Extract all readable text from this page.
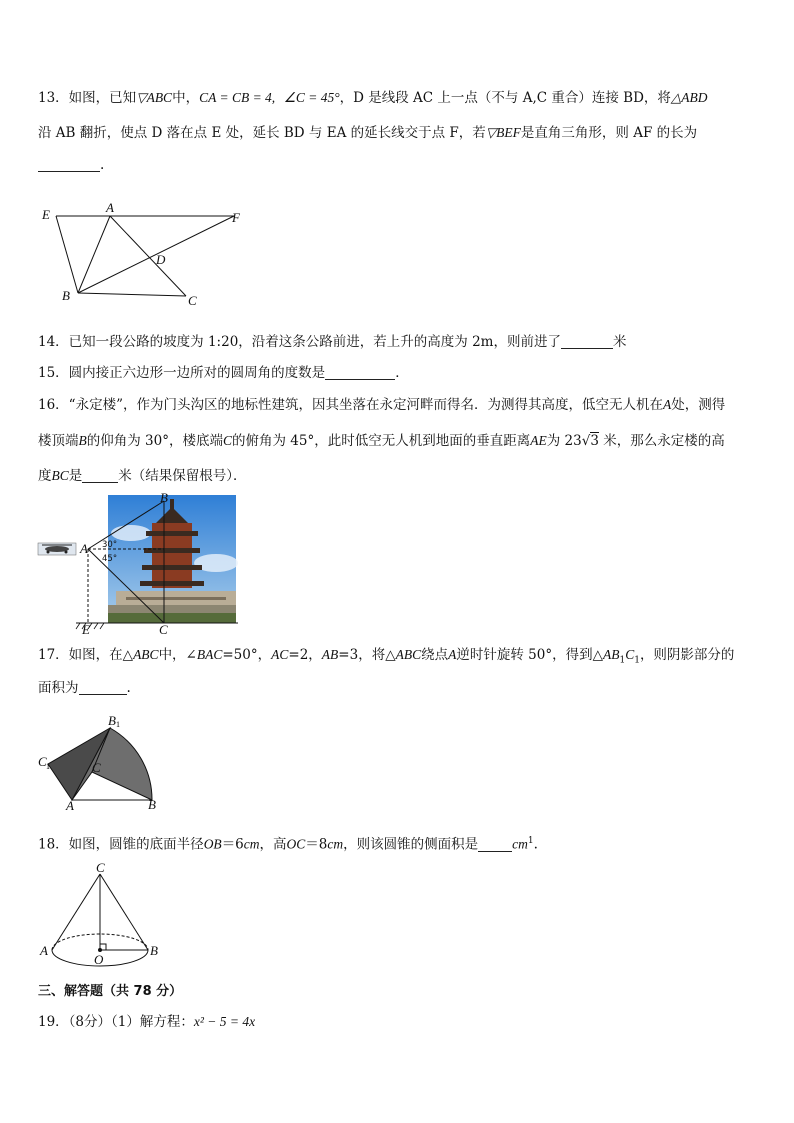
13．如图，已知▽ABC中，CA = CB = 4, ∠C = 45°，D 是线段 AC 上一点（不与 A,C 重合）连接 BD，将△ABD
沿 AB 翻折，使点 D 落在点 E 处，延长 BD 与 EA 的延长线交于点 F，若▽BEF是直角三角形，则 AF 的长为
.
E	A
F
D
B	C
14．已知一段公路的坡度为 1:20，沿着这条公路前进，若上升的高度为 2m，则前进了	米
15．圆内接正六边形一边所对的圆周角的度数是	．
16．“永定楼”，作为门头沟区的地标性建筑，因其坐落在永定河畔而得名．为测得其高度，低空无人机在A处，测得
楼顶端B的仰角为 30°，楼底端C的俯角为 45°，此时低空无人机到地面的垂直距离AE为 23√3 米，那么永定楼的高
度BC是	米（结果保留根号）．
A
B
C
E
30°
45°
17．如图，在△ABC中，∠BAC=50°，AC=2，AB=3，将△ABC绕点A逆时针旋转 50°，得到$\triangle AB_1C_1$，则阴影部分的
面积为	.
B 1
C 1	C
A	B
18．如图，圆锥的底面半径OB＝6cm，高OC＝8cm，则该圆锥的侧面积是	$cm^1$.
C
A	B
O
三、解答题（共 78 分）
19．（8分）（1）解方程：x² − 5 = 4x
